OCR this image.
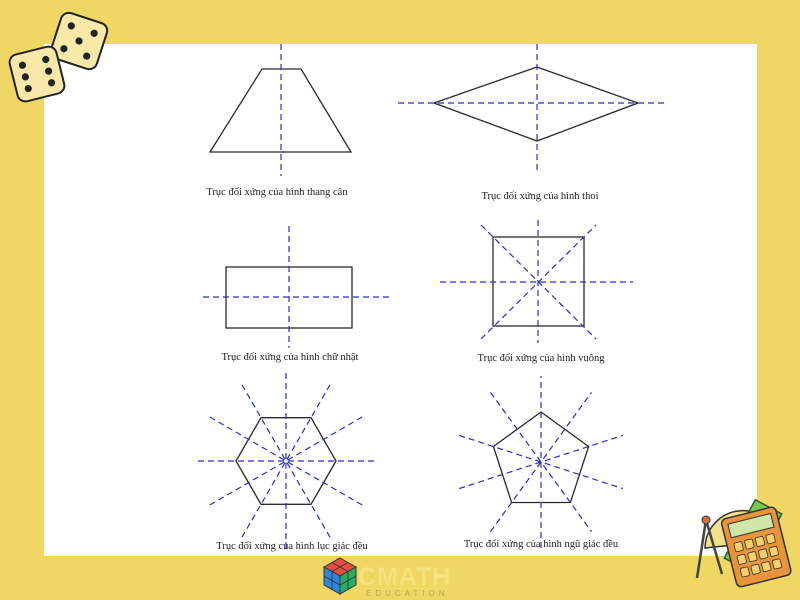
Trục đối xứng của hình thang cân	Trục đối xứng của hình thoi
Trục đối xứng của hình chữ nhật	Trục đối xứng của hình vuông
Trục đối xứng của hình lục giác đều	Trục đối xứng của hình ngũ giác đều
CMATH
EDUCATION
